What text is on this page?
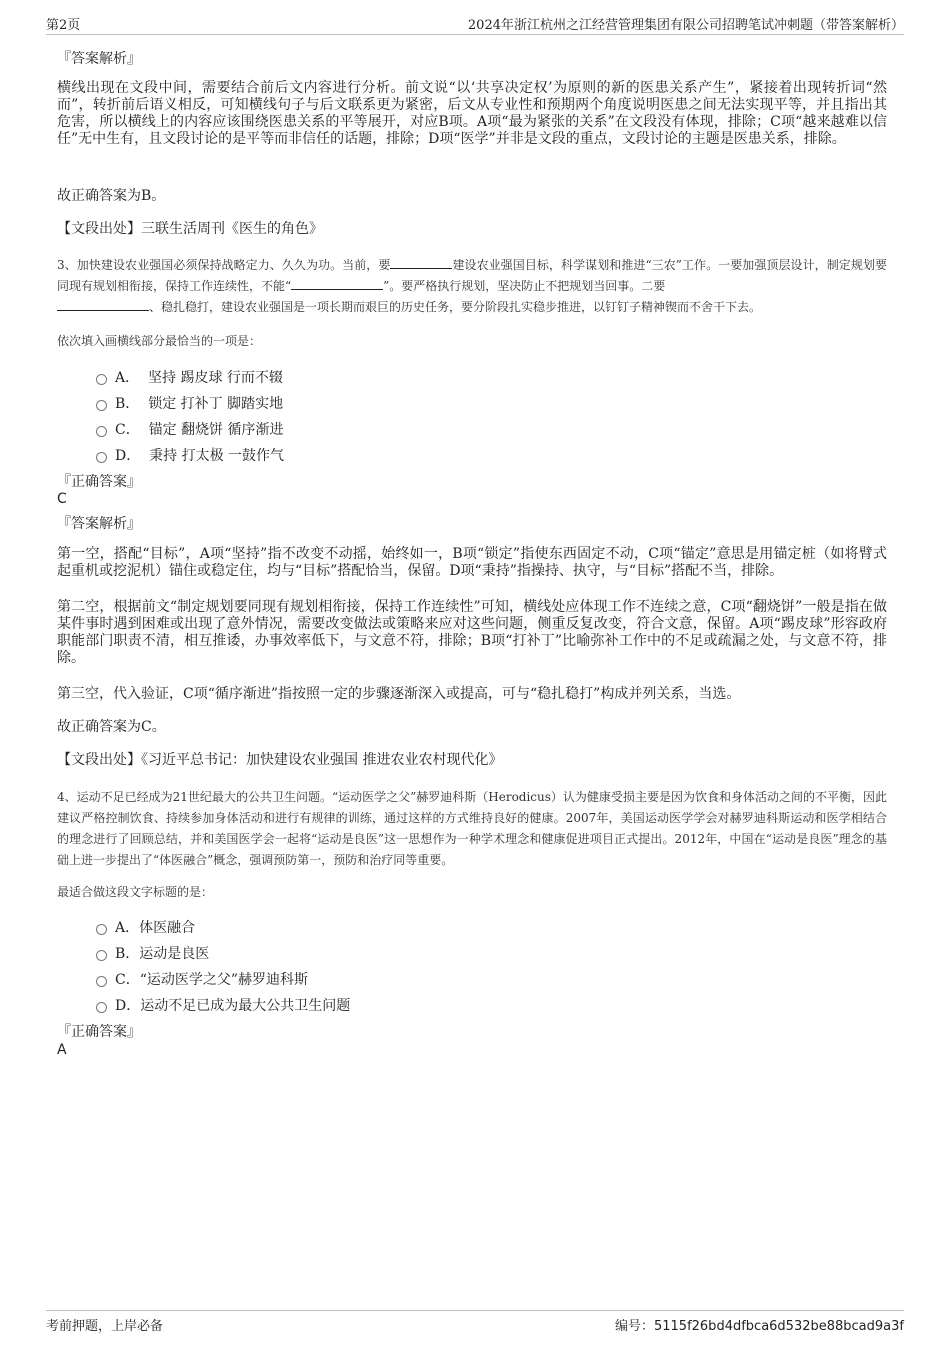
第2页	2024年浙江杭州之江经营管理集团有限公司招聘笔试冲刺题（带答案解析）
『答案解析』
横线出现在文段中间，需要结合前后文内容进行分析。前文说“以‘共享决定权’为原则的新的医患关系产生”，紧接着出现转折词“然而”，转折前后语义相反，可知横线句子与后文联系更为紧密，后文从专业性和预期两个角度说明医患之间无法实现平等，并且指出其危害，所以横线上的内容应该围绕医患关系的平等展开，对应B项。A项“最为紧张的关系”在文段没有体现，排除；C项“越来越难以信任”无中生有，且文段讨论的是平等而非信任的话题，排除；D项“医学”并非是文段的重点，文段讨论的主题是医患关系，排除。
故正确答案为B。
【文段出处】三联生活周刊《医生的角色》
3、加快建设农业强国必须保持战略定力、久久为功。当前，要	建设农业强国目标，科学谋划和推进“三农”工作。一要加强顶层设计，制定规划要同现有规划相衔接，保持工作连续性，不能“	”。要严格执行规划，坚决防止不把规划当回事。二要
、稳扎稳打，建设农业强国是一项长期而艰巨的历史任务，要分阶段扎实稳步推进，以钉钉子精神锲而不舍干下去。
依次填入画横线部分最恰当的一项是：
A． 坚持 踢皮球 行而不辍
B． 锁定 打补丁 脚踏实地
C． 锚定 翻烧饼 循序渐进
D． 秉持 打太极 一鼓作气
『正确答案』
C
『答案解析』
第一空，搭配“目标”，A项“坚持”指不改变不动摇，始终如一，B项“锁定”指使东西固定不动，C项“锚定”意思是用锚定桩（如将臂式起重机或挖泥机）锚住或稳定住，均与“目标”搭配恰当，保留。D项“秉持”指操持、执守，与“目标”搭配不当，排除。
第二空，根据前文“制定规划要同现有规划相衔接，保持工作连续性”可知，横线处应体现工作不连续之意，C项“翻烧饼”一般是指在做某件事时遇到困难或出现了意外情况，需要改变做法或策略来应对这些问题，侧重反复改变，符合文意，保留。A项“踢皮球”形容政府职能部门职责不清，相互推诿，办事效率低下，与文意不符，排除；B项“打补丁”比喻弥补工作中的不足或疏漏之处，与文意不符，排除。
第三空，代入验证，C项“循序渐进”指按照一定的步骤逐渐深入或提高，可与“稳扎稳打”构成并列关系，当选。
故正确答案为C。
【文段出处】《习近平总书记：加快建设农业强国 推进农业农村现代化》
4、运动不足已经成为21世纪最大的公共卫生问题。“运动医学之父”赫罗迪科斯（Herodicus）认为健康受损主要是因为饮食和身体活动之间的不平衡，因此建议严格控制饮食、持续参加身体活动和进行有规律的训练，通过这样的方式维持良好的健康。2007年，美国运动医学学会对赫罗迪科斯运动和医学相结合的理念进行了回顾总结，并和美国医学会一起将“运动是良医”这一思想作为一种学术理念和健康促进项目正式提出。2012年，中国在“运动是良医”理念的基础上进一步提出了“体医融合”概念，强调预防第一，预防和治疗同等重要。
最适合做这段文字标题的是：
A．体医融合
B．运动是良医
C．“运动医学之父”赫罗迪科斯
D．运动不足已成为最大公共卫生问题
『正确答案』
A
考前押题，上岸必备	编号：5115f26bd4dfbca6d532be88bcad9a3f
